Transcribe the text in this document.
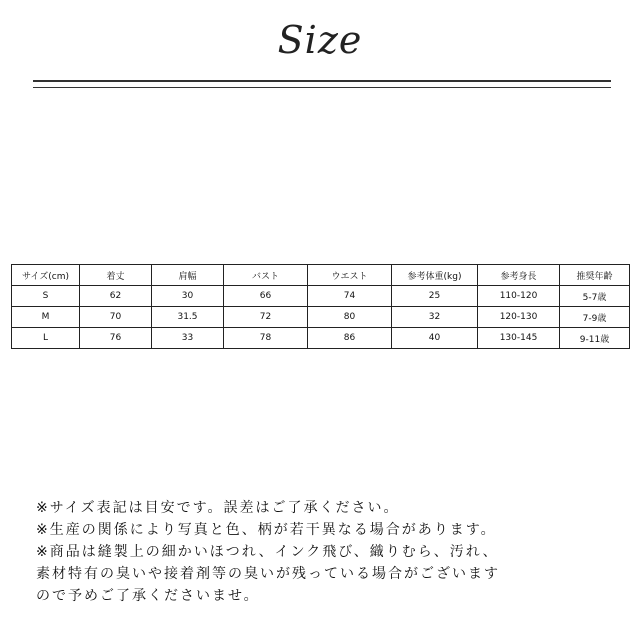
Size
サイズ(cm)	着丈	肩幅	バスト	ウエスト	参考体重(kg)	参考身長	推奨年齢
S	62	30	66	74	25	110-120	5-7歳
M	70	31.5	72	80	32	120-130	7-9歳
L	76	33	78	86	40	130-145	9-11歳
※サイズ表記は目安です。誤差はご了承ください。
※生産の関係により写真と色、柄が若干異なる場合があります。
※商品は縫製上の細かいほつれ、インク飛び、織りむら、汚れ、
素材特有の臭いや接着剤等の臭いが残っている場合がございます
ので予めご了承くださいませ。
